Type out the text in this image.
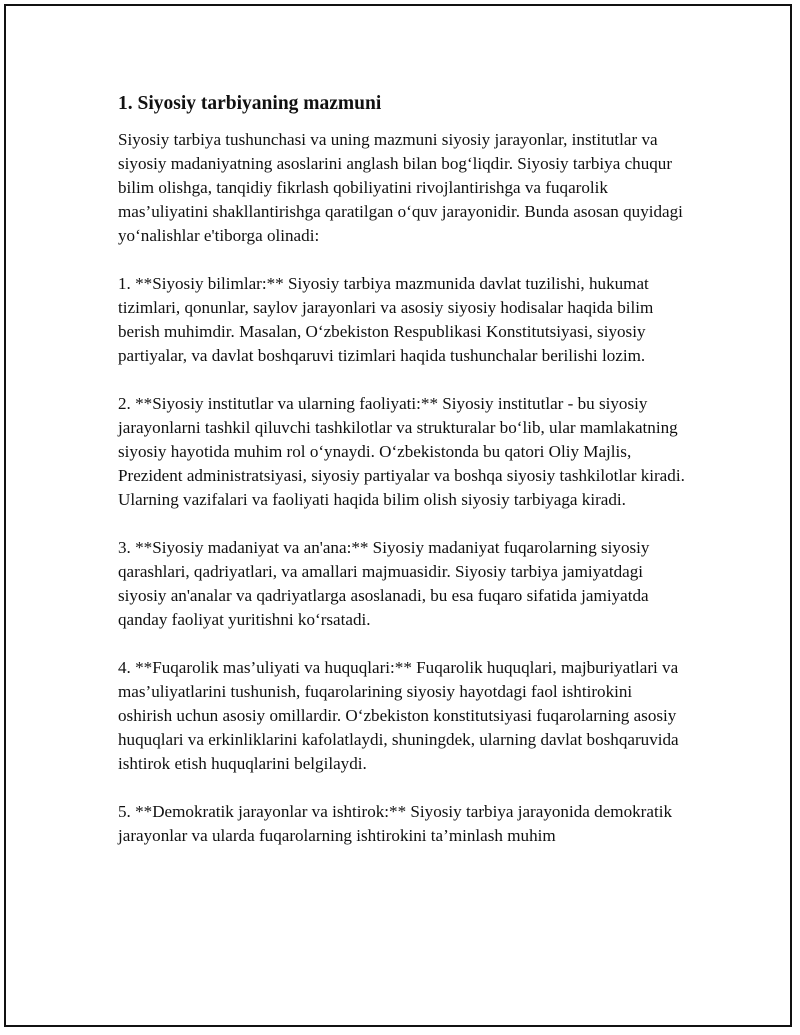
1. Siyosiy tarbiyaning mazmuni

Siyosiy tarbiya tushunchasi va uning mazmuni siyosiy jarayonlar, institutlar va siyosiy madaniyatning asoslarini anglash bilan bog‘liqdir. Siyosiy tarbiya chuqur bilim olishga, tanqidiy fikrlash qobiliyatini rivojlantirishga va fuqarolik mas’uliyatini shakllantirishga qaratilgan o‘quv jarayonidir. Bunda asosan quyidagi yo‘nalishlar e'tiborga olinadi:

1. **Siyosiy bilimlar:** Siyosiy tarbiya mazmunida davlat tuzilishi, hukumat tizimlari, qonunlar, saylov jarayonlari va asosiy siyosiy hodisalar haqida bilim berish muhimdir. Masalan, O‘zbekiston Respublikasi Konstitutsiyasi, siyosiy partiyalar, va davlat boshqaruvi tizimlari haqida tushunchalar berilishi lozim.

2. **Siyosiy institutlar va ularning faoliyati:** Siyosiy institutlar - bu siyosiy jarayonlarni tashkil qiluvchi tashkilotlar va strukturalar bo‘lib, ular mamlakatning siyosiy hayotida muhim rol o‘ynaydi. O‘zbekistonda bu qatori Oliy Majlis, Prezident administratsiyasi, siyosiy partiyalar va boshqa siyosiy tashkilotlar kiradi. Ularning vazifalari va faoliyati haqida bilim olish siyosiy tarbiyaga kiradi.

3. **Siyosiy madaniyat va an'ana:** Siyosiy madaniyat fuqarolarning siyosiy qarashlari, qadriyatlari, va amallari majmuasidir. Siyosiy tarbiya jamiyatdagi siyosiy an'analar va qadriyatlarga asoslanadi, bu esa fuqaro sifatida jamiyatda qanday faoliyat yuritishni ko‘rsatadi.

4. **Fuqarolik mas’uliyati va huquqlari:** Fuqarolik huquqlari, majburiyatlari va mas’uliyatlarini tushunish, fuqarolarining siyosiy hayotdagi faol ishtirokini oshirish uchun asosiy omillardir. O‘zbekiston konstitutsiyasi fuqarolarning asosiy huquqlari va erkinliklarini kafolatlaydi, shuningdek, ularning davlat boshqaruvida ishtirok etish huquqlarini belgilaydi.

5. **Demokratik jarayonlar va ishtirok:** Siyosiy tarbiya jarayonida demokratik jarayonlar va ularda fuqarolarning ishtirokini ta’minlash muhim
